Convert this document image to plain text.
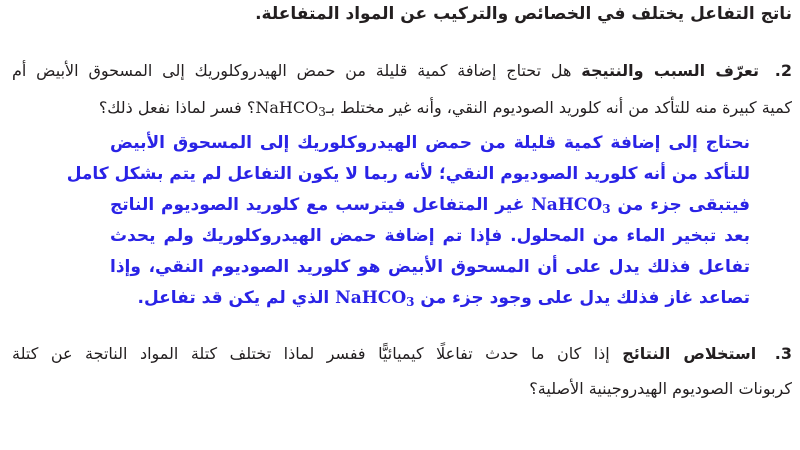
ناتج التفاعل يختلف في الخصائص والتركيب عن المواد المتفاعلة.
2. تعرّف السبب والنتيجة هل تحتاج إضافة كمية قليلة من حمض الهيدروكلوريك إلى المسحوق الأبيض أم
كمية كبيرة منه للتأكد من أنه كلوريد الصوديوم النقي، وأنه غير مختلط بـNaHCO$_3$؟ فسر لماذا نفعل ذلك؟
نحتاج إلى إضافة كمية قليلة من حمض الهيدروكلوريك إلى المسحوق الأبيض
للتأكد من أنه كلوريد الصوديوم النقي؛ لأنه ربما لا يكون التفاعل لم يتم بشكل كامل
فيتبقى جزء من NaHCO$_3$ غير المتفاعل فيترسب مع كلوريد الصوديوم الناتج
بعد تبخير الماء من المحلول. فإذا تم إضافة حمض الهيدروكلوريك ولم يحدث
تفاعل فذلك يدل على أن المسحوق الأبيض هو كلوريد الصوديوم النقي، وإذا
تصاعد غاز فذلك يدل على وجود جزء من NaHCO$_3$ الذي لم يكن قد تفاعل.
3. استخلاص النتائج إذا كان ما حدث تفاعلًا كيميائيًّا ففسر لماذا تختلف كتلة المواد الناتجة عن كتلة
كربونات الصوديوم الهيدروجينية الأصلية؟
